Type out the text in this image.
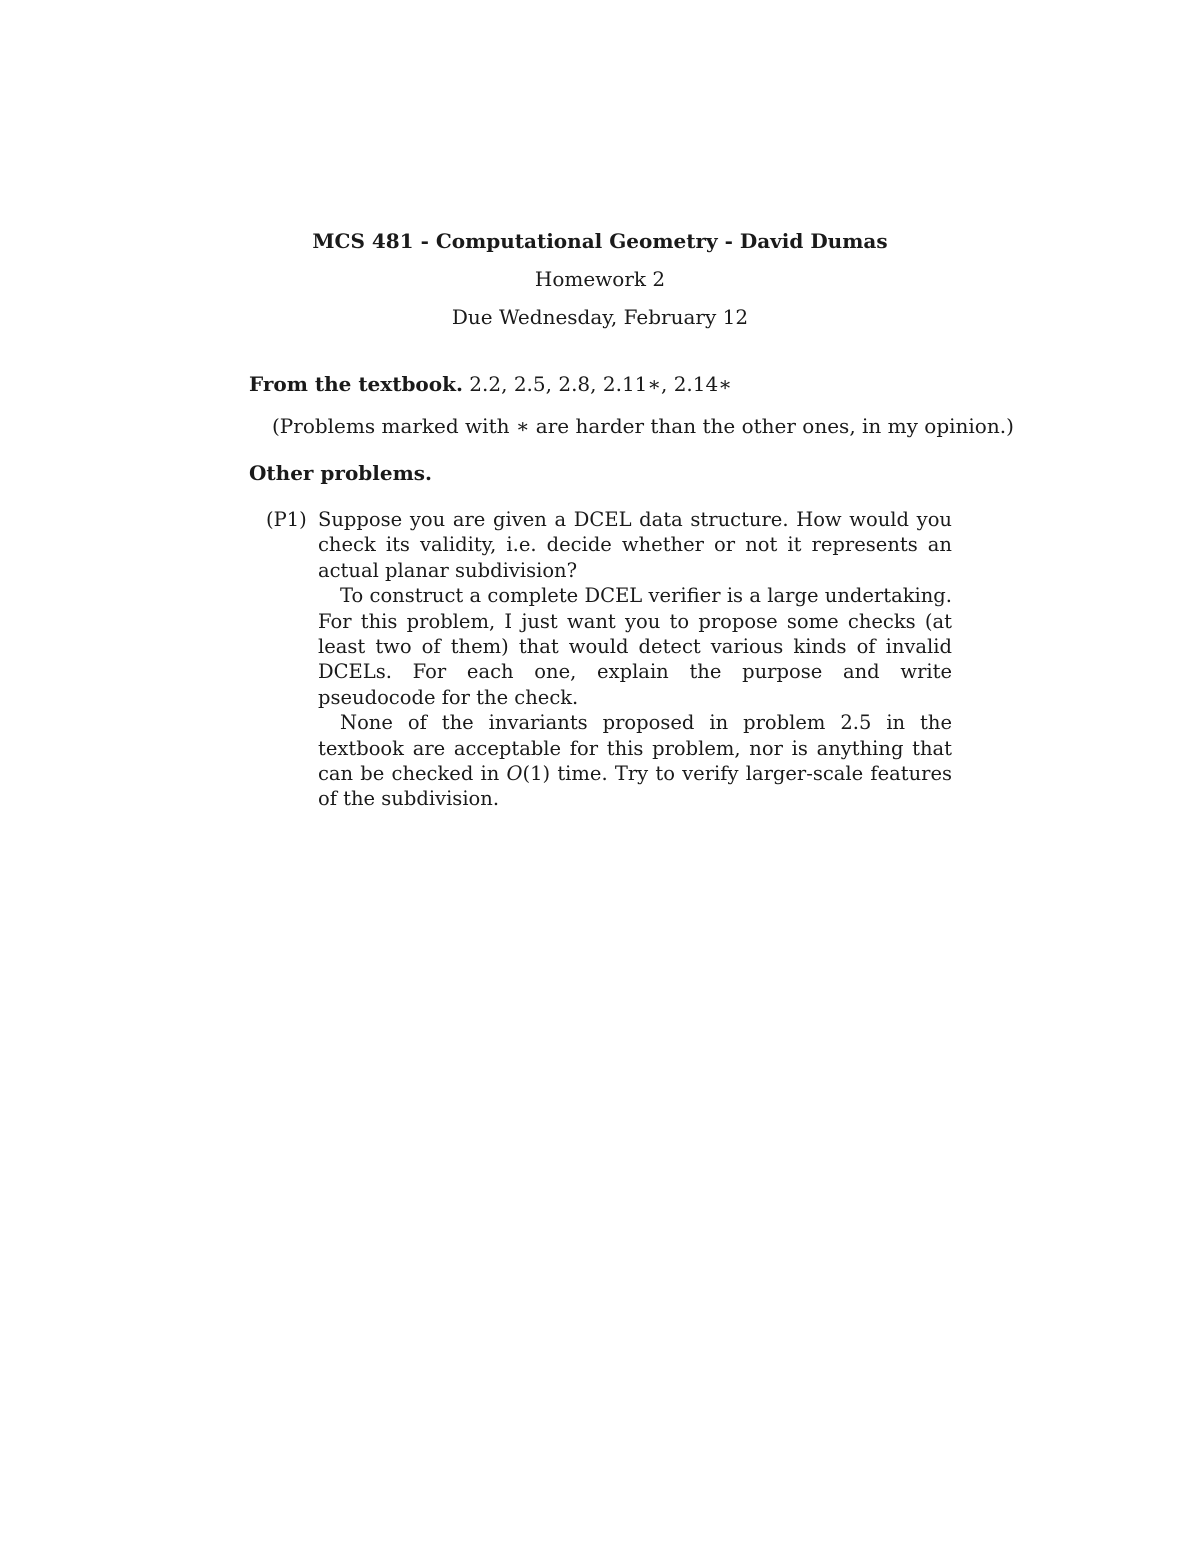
MCS 481 - Computational Geometry - David Dumas
Homework 2
Due Wednesday, February 12
From the textbook. 2.2, 2.5, 2.8, 2.11∗, 2.14∗
(Problems marked with ∗ are harder than the other ones, in my opinion.)
Other problems.
(P1) Suppose you are given a DCEL data structure. How would you check its validity, i.e. decide whether or not it represents an actual planar subdivision?

To construct a complete DCEL verifier is a large undertaking. For this problem, I just want you to propose some checks (at least two of them) that would detect various kinds of invalid DCELs. For each one, explain the purpose and write pseudocode for the check.

None of the invariants proposed in problem 2.5 in the textbook are acceptable for this problem, nor is anything that can be checked in O(1) time. Try to verify larger-scale features of the subdivision.
